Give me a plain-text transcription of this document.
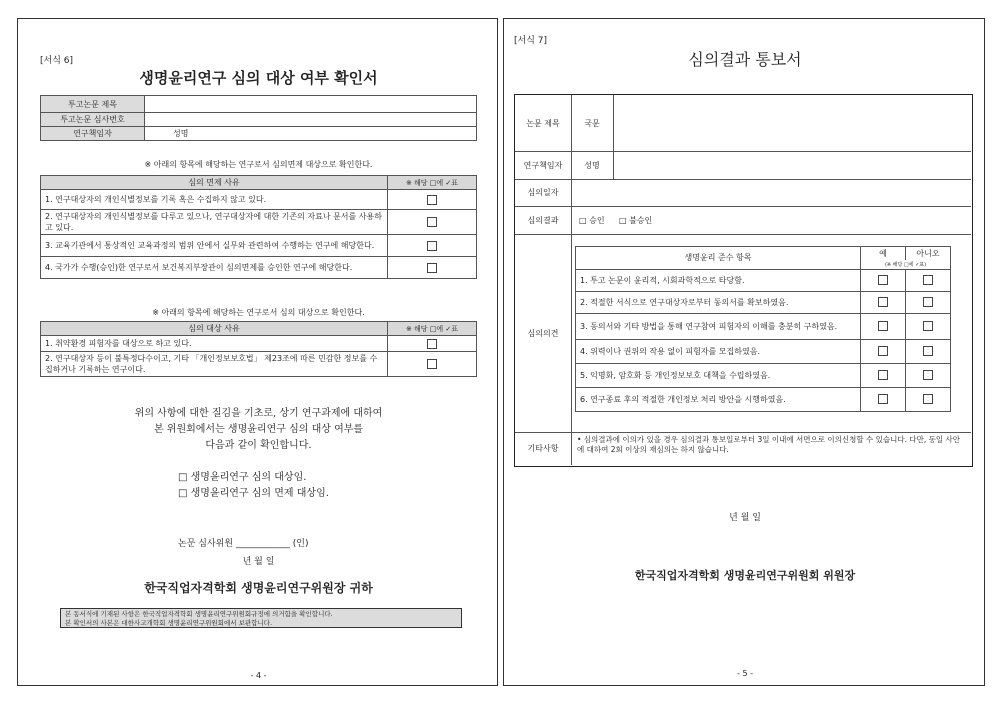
[서식 6]
생명윤리연구 심의 대상 여부 확인서
투고논문 제목	
투고논문 심사번호	
연구책임자	성명
※ 아래의 항목에 해당하는 연구로서 심의면제 대상으로 확인한다.
심의 면제 사유	※ 해당 □에 ✓표
1. 연구대상자의 개인식별정보를 기록 혹은 수집하지 않고 있다.	
2. 연구대상자의 개인식별정보를 다루고 있으나, 연구대상자에 대한 기존의 자료나 문서를 사용하고 있다.	
3. 교육기관에서 통상적인 교육과정의 범위 안에서 실무와 관련하여 수행하는 연구에 해당한다.	
4. 국가가 수행(승인)한 연구로서 보건복지부장관이 심의면제를 승인한 연구에 해당한다.	
※ 아래의 항목에 해당하는 연구로서 심의 대상으로 확인한다.
심의 대상 사유	※ 해당 □에 ✓표
1. 취약환경 피험자를 대상으로 하고 있다.	
2. 연구대상자 등이 불특정다수이고, 기타 「개인정보보호법」 제23조에 따른 민감한 정보를 수집하거나 기록하는 연구이다.	
위의 사항에 대한 질김을 기초로, 상기 연구과제에 대하여
본 위원회에서는 생명윤리연구 심의 대상 여부를
다음과 같이 확인합니다.
□ 생명윤리연구 심의 대상임.
□ 생명윤리연구 심의 면제 대상임.
논문 심사위원 ____________ (인)
년 월 일
한국직업자격학회 생명윤리연구위원장 귀하
본 동서식에 기재된 사항은 한국직업자격학회 생명윤리연구위원회규정에 의거함을 확인합니다.
본 확인서의 사본은 대한사고개학회 생명윤리연구위원회에서 보관합니다.
- 4 -
[서식 7]
심의결과 통보서
논문 제목	국문
연구책임자	성명
심의일자
심의결과	□ 승인 □ 불승인
심의의견
생명윤리 준수 항목	예	아니오
	(※ 해당 □에 ✓표)	
1. 투고 논문이 윤리적, 시회과학적으로 타당함.		
2. 적절한 서식으로 연구대상자로부터 동의서를 확보하였음.		
3. 동의서와 기타 방법을 통해 연구참여 피험자의 이해를 충분히 구하였음.		
4. 위력이나 권위의 작용 없이 피험자를 모집하였음.		
5. 익명화, 암호화 등 개인정보보호 대책을 수립하였음.		
6. 연구종료 후의 적절한 개인정보 처리 방안을 시행하였음.		
기타사항
• 심의결과에 이의가 있을 경우 심의결과 통보일로부터 3일 이내에 서면으로 이의신청할 수 있습니다. 다만, 동일 사안에 대하여 2회 이상의 재심의는 하지 않습니다.
년 월 일
한국직업자격학회 생명윤리연구위원회 위원장
- 5 -
